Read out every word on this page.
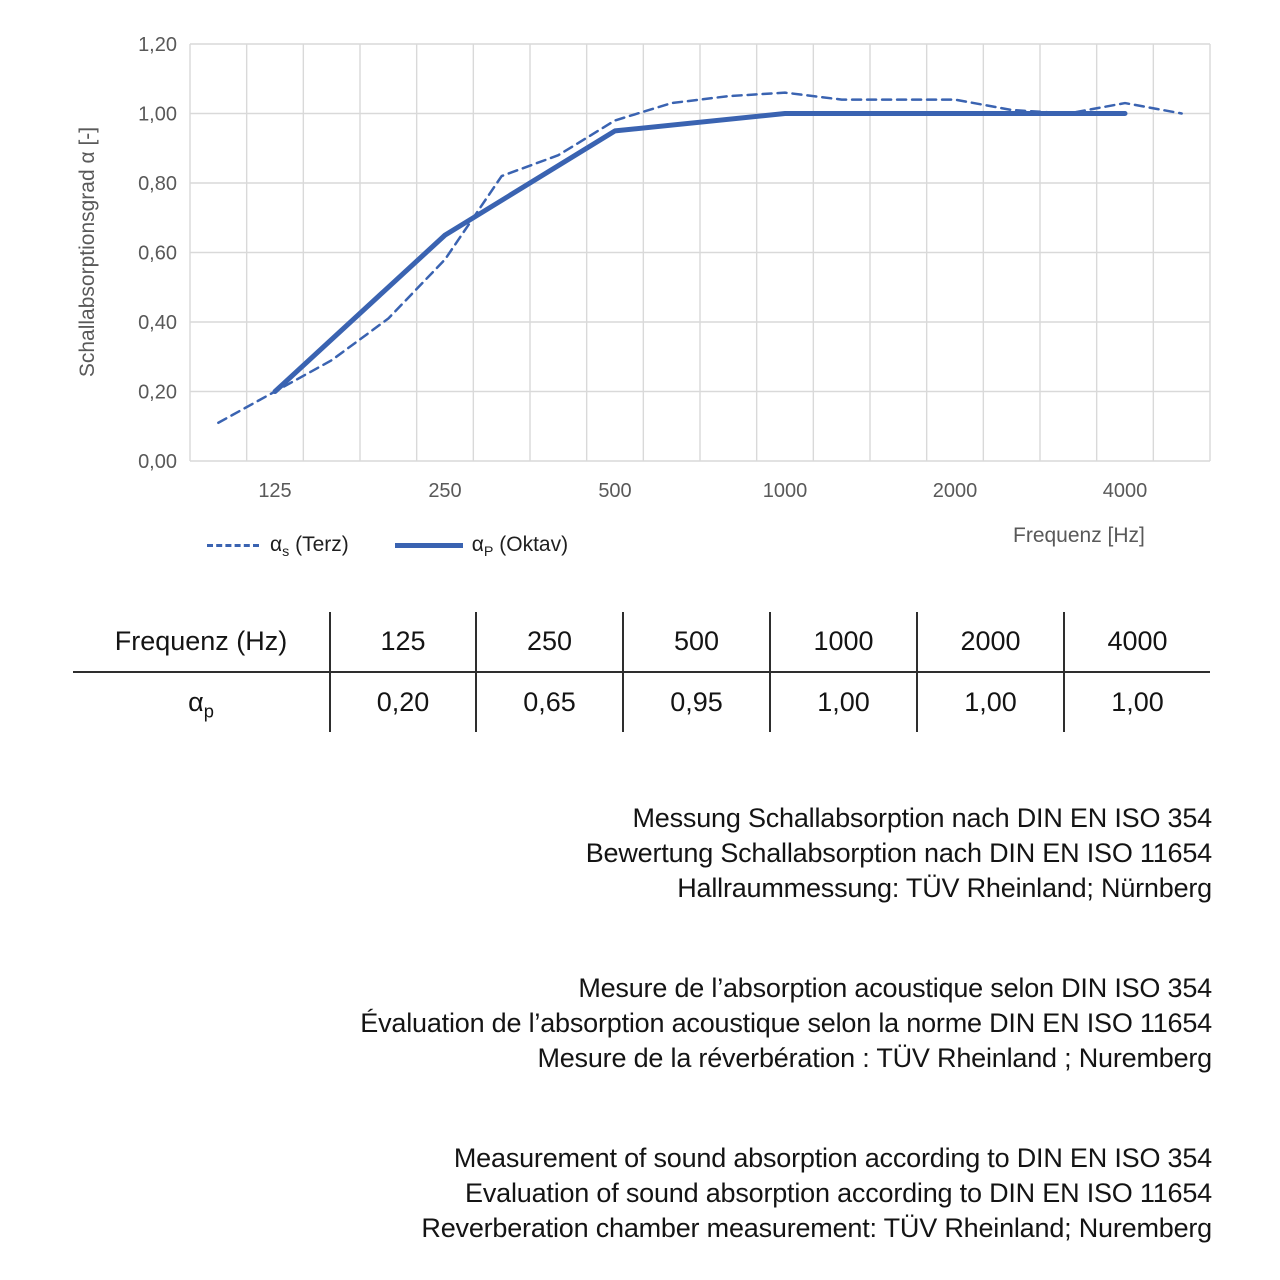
Schallabsorptionsgrad α [-]
0,00
0,20
0,40
0,60
0,80
1,00
1,20
125	250	500	1000	2000	4000
Frequenz [Hz]
$\alpha_s$ (Terz)	$\alpha_P$ (Oktav)
Frequenz (Hz)	125	250	500	1000	2000	4000
$\alpha_p$	0,20	0,65	0,95	1,00	1,00	1,00
Messung Schallabsorption nach DIN EN ISO 354
Bewertung Schallabsorption nach DIN EN ISO 11654
Hallraummessung: TÜV Rheinland; Nürnberg
Mesure de l’absorption acoustique selon DIN ISO 354
Évaluation de l’absorption acoustique selon la norme DIN EN ISO 11654
Mesure de la réverbération : TÜV Rheinland ; Nuremberg
Measurement of sound absorption according to DIN EN ISO 354
Evaluation of sound absorption according to DIN EN ISO 11654
Reverberation chamber measurement: TÜV Rheinland; Nuremberg
